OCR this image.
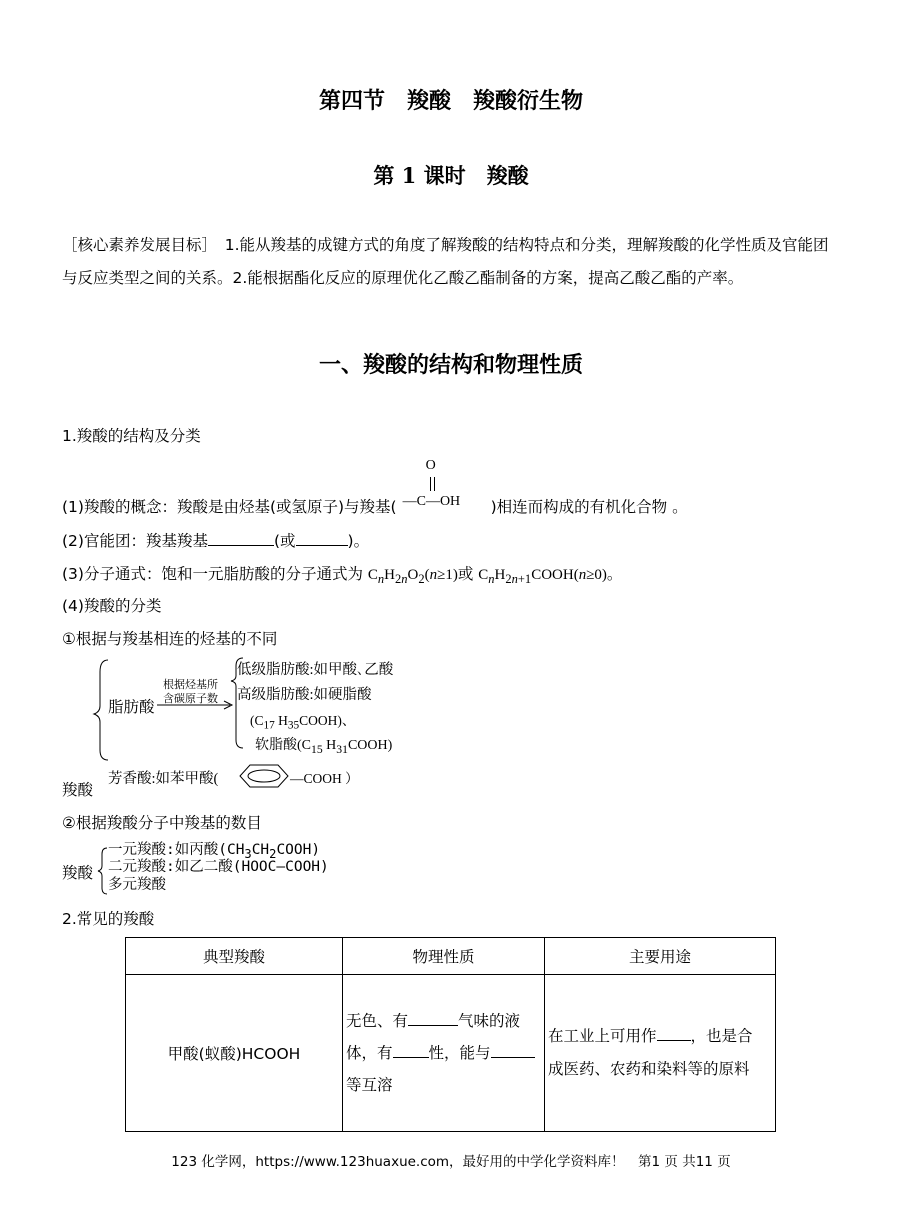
第四节　羧酸　羧酸衍生物
第 1 课时　羧酸
［核心素养发展目标］　1.能从羧基的成键方式的角度了解羧酸的结构特点和分类，理解羧酸的化学性质及官能团与反应类型之间的关系。2.能根据酯化反应的原理优化乙酸乙酯制备的方案，提高乙酸乙酯的产率。
一、羧酸的结构和物理性质
1.羧酸的结构及分类
(1)羧酸的概念：羧酸是由烃基(或氢原子)与羧基(
O
—C—OH )相连而构成的有机化合物 。
(2)官能团：羧基羧基	(或	)。
(3)分子通式：饱和一元脂肪酸的分子通式为 $C_nH_{2n}O_2(n\ge 1)$或 $C_nH_{2n+1}COOH(n\ge 0)$。
(4)羧酸的分类
①根据与羧基相连的烃基的不同
羧酸
脂肪酸
根据烃基所
含碳原子数
低级脂肪酸:如甲酸､乙酸
高级脂肪酸:如硬脂酸
($C_{17}$ $H_{35}COOH$)、
软脂酸($C_{15}$ $H_{31}COOH$)
芳香酸:如苯甲酸(	—COOH ）
②根据羧酸分子中羧基的数目
羧酸
一元羧酸:如丙酸$(CH_3CH_2COOH)$
二元羧酸:如乙二酸(HOOC—COOH)
多元羧酸
2.常见的羧酸
典型羧酸	物理性质	主要用途
甲酸(蚁酸)HCOOH	无色、有 气味的液
体，有 性，能与
等互溶	在工业上可用作 ，也是合
成医药、农药和染料等的原料
123 化学网，https://www.123huaxue.com，最好用的中学化学资料库！　第1 页 共11 页
